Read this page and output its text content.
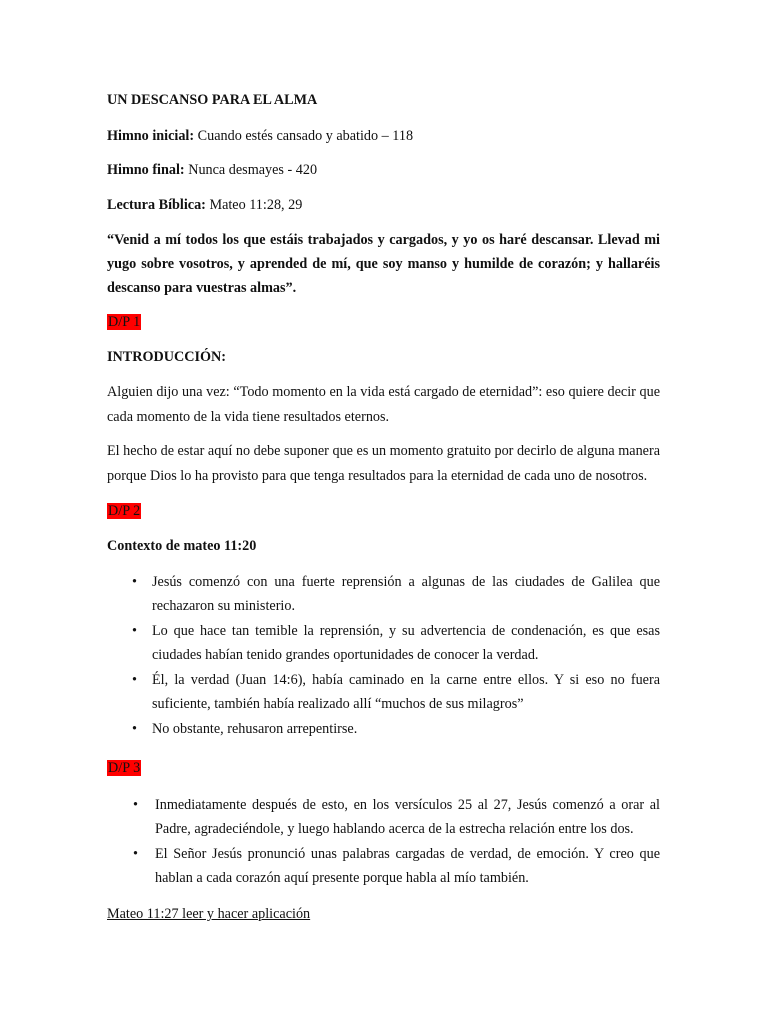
UN DESCANSO PARA EL ALMA

Himno inicial: Cuando estés cansado y abatido – 118

Himno final: Nunca desmayes - 420

Lectura Bíblica: Mateo 11:28, 29

“Venid a mí todos los que estáis trabajados y cargados, y yo os haré descansar. Llevad mi yugo sobre vosotros, y aprended de mí, que soy manso y humilde de corazón; y hallaréis descanso para vuestras almas”.

D/P 1

INTRODUCCIÓN:

Alguien dijo una vez: “Todo momento en la vida está cargado de eternidad”: eso quiere decir que cada momento de la vida tiene resultados eternos.

El hecho de estar aquí no debe suponer que es un momento gratuito por decirlo de alguna manera porque Dios lo ha provisto para que tenga resultados para la eternidad de cada uno de nosotros.

D/P 2

Contexto de mateo 11:20

• Jesús comenzó con una fuerte reprensión a algunas de las ciudades de Galilea que rechazaron su ministerio.
• Lo que hace tan temible la reprensión, y su advertencia de condenación, es que esas ciudades habían tenido grandes oportunidades de conocer la verdad.
• Él, la verdad (Juan 14:6), había caminado en la carne entre ellos. Y si eso no fuera suficiente, también había realizado allí “muchos de sus milagros”
• No obstante, rehusaron arrepentirse.

D/P 3

• Inmediatamente después de esto, en los versículos 25 al 27, Jesús comenzó a orar al Padre, agradeciéndole, y luego hablando acerca de la estrecha relación entre los dos.
• El Señor Jesús pronunció unas palabras cargadas de verdad, de emoción. Y creo que hablan a cada corazón aquí presente porque habla al mío también.

Mateo 11:27 leer y hacer aplicación
